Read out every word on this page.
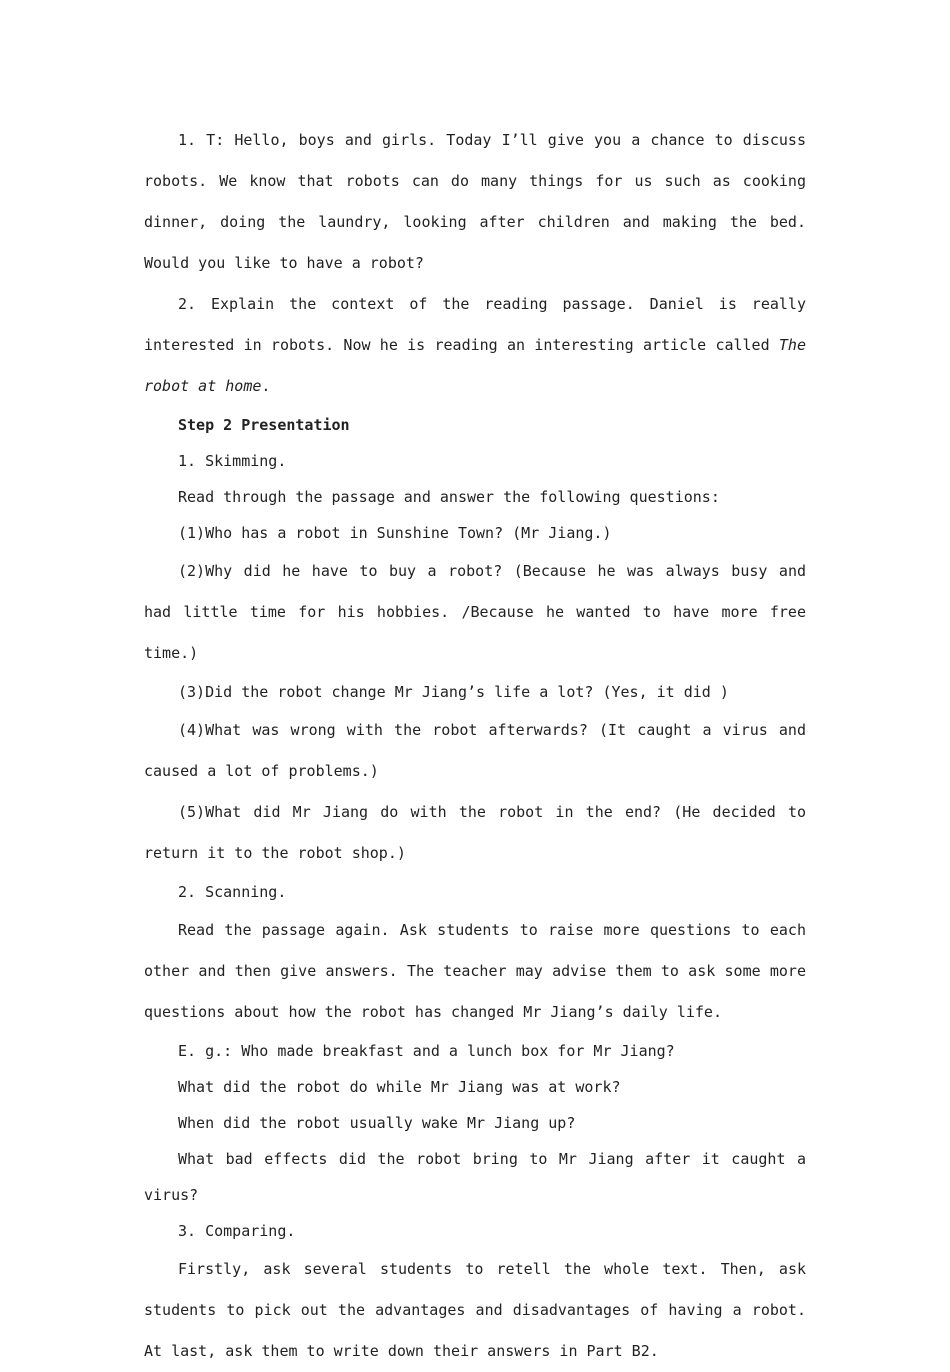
1. T: Hello, boys and girls. Today I’ll give you a chance to discuss robots. We know that robots can do many things for us such as cooking dinner, doing the laundry, looking after children and making the bed. Would you like to have a robot?

2. Explain the context of the reading passage. Daniel is really interested in robots. Now he is reading an interesting article called The robot at home.

Step 2 Presentation

1. Skimming.

Read through the passage and answer the following questions:

(1)Who has a robot in Sunshine Town? (Mr Jiang.)

(2)Why did he have to buy a robot? (Because he was always busy and had little time for his hobbies. /Because he wanted to have more free time.)

(3)Did the robot change Mr Jiang’s life a lot? (Yes, it did )

(4)What was wrong with the robot afterwards? (It caught a virus and caused a lot of problems.)

(5)What did Mr Jiang do with the robot in the end? (He decided to return it to the robot shop.)

2. Scanning.

Read the passage again. Ask students to raise more questions to each other and then give answers. The teacher may advise them to ask some more questions about how the robot has changed Mr Jiang’s daily life.

E. g.: Who made breakfast and a lunch box for Mr Jiang?

What did the robot do while Mr Jiang was at work?

When did the robot usually wake Mr Jiang up?

What bad effects did the robot bring to Mr Jiang after it caught a virus?

3. Comparing.

Firstly, ask several students to retell the whole text. Then, ask students to pick out the advantages and disadvantages of having a robot. At last, ask them to write down their answers in Part B2.
